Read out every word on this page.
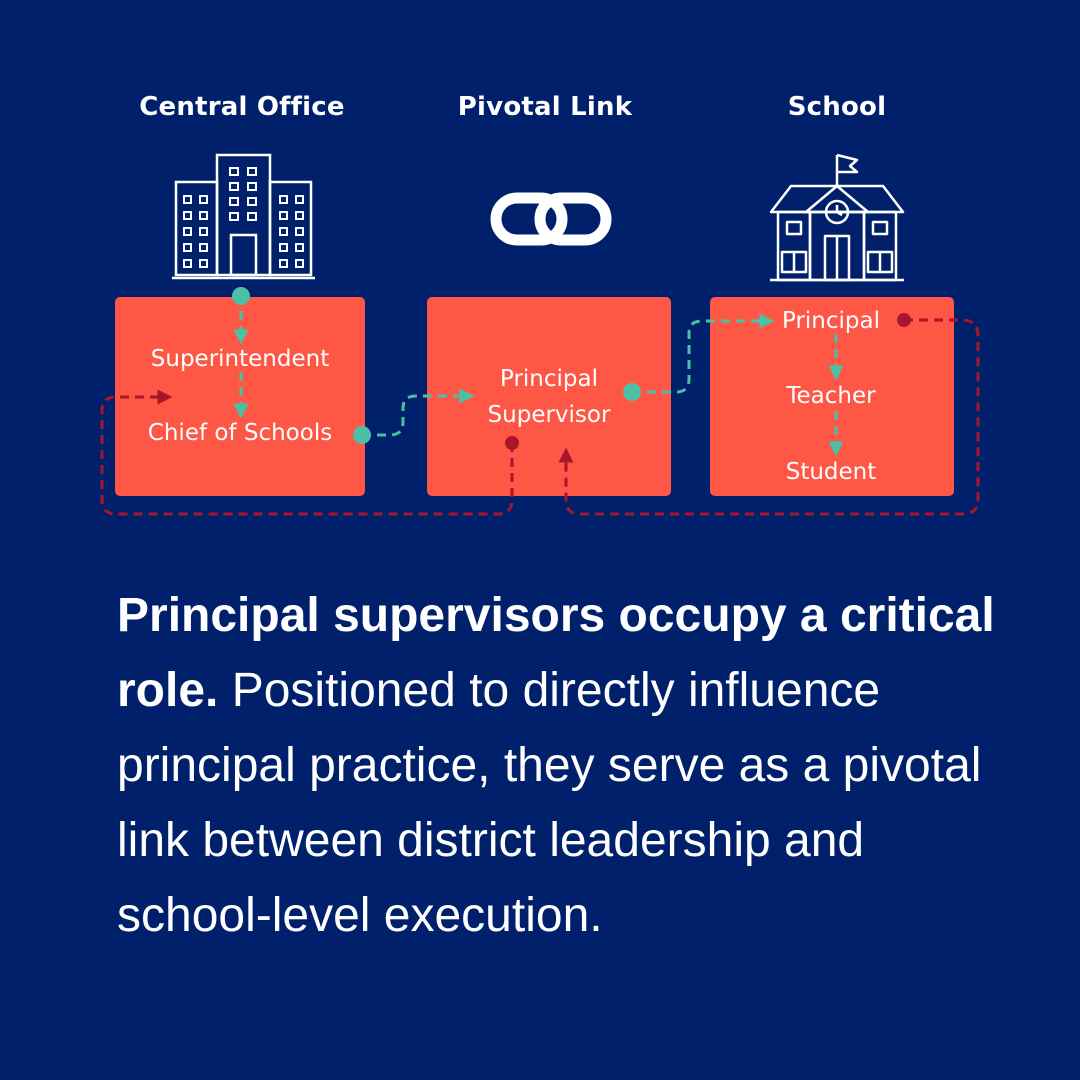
Central Office	Pivotal Link	School
Superintendent
Chief of Schools
Principal
Supervisor
Principal
Teacher
Student

Principal supervisors occupy a critical role. Positioned to directly influence principal practice, they serve as a pivotal link between district leadership and school-level execution.
